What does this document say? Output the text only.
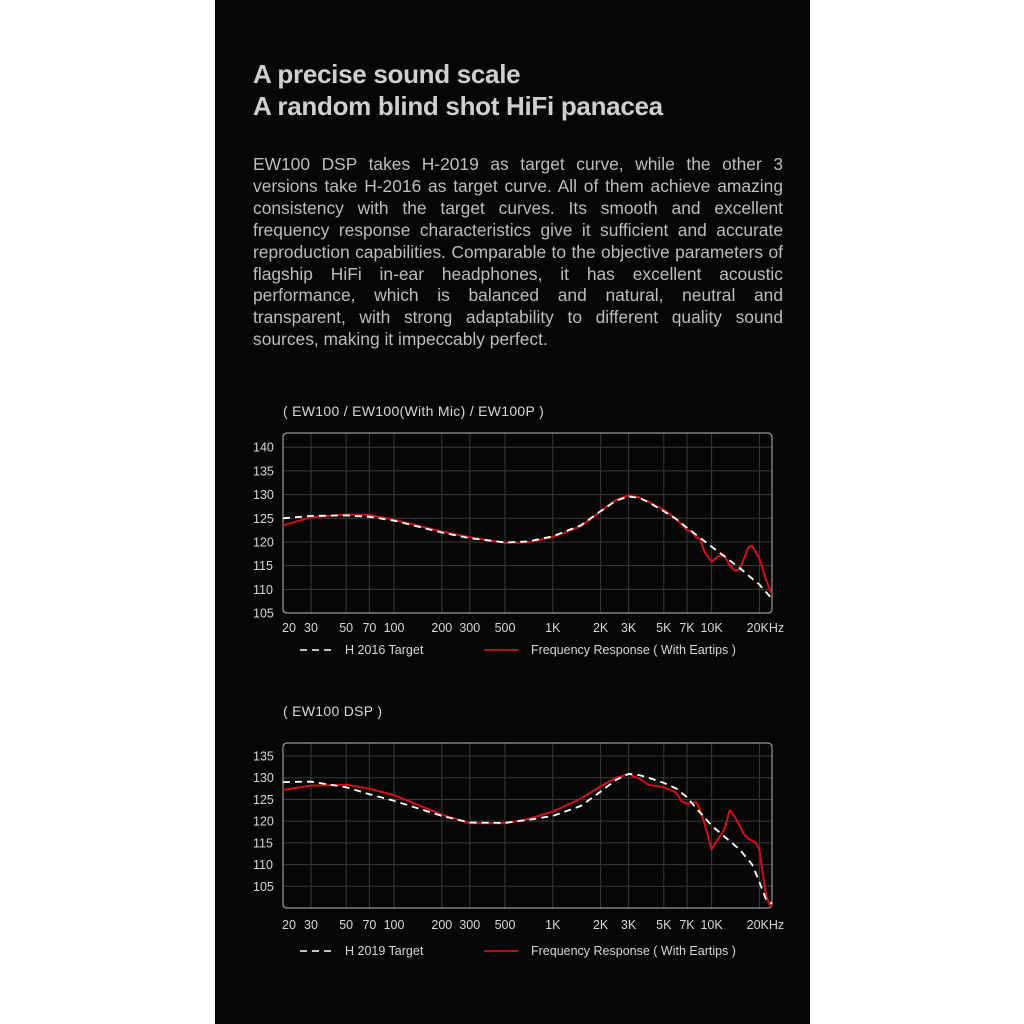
A precise sound scale
A random blind shot HiFi panacea
EW100 DSP takes H-2019 as target curve, while the other 3 versions take H-2016 as target curve. All of them achieve amazing consistency with the target curves. Its smooth and excellent frequency response characteristics give it sufficient and accurate reproduction capabilities. Comparable to the objective parameters of flagship HiFi in-ear headphones, it has excellent acoustic performance, which is balanced and natural, neutral and transparent, with strong adaptability to different quality sound sources, making it impeccably perfect.
( EW100 / EW100(With Mic) / EW100P )
( EW100 DSP )
105
110
115
120
125
130
135
140
20 30 50 70 100 200 300 500 1K	2K 3K 5K 7K 10K 20KHz
H 2016 Target	Frequency Response ( With Eartips )
105
110
115
120
125
130
135
20 30 50 70 100 200 300 500 1K	2K 3K 5K 7K 10K 20KHz
H 2019 Target	Frequency Response ( With Eartips )
